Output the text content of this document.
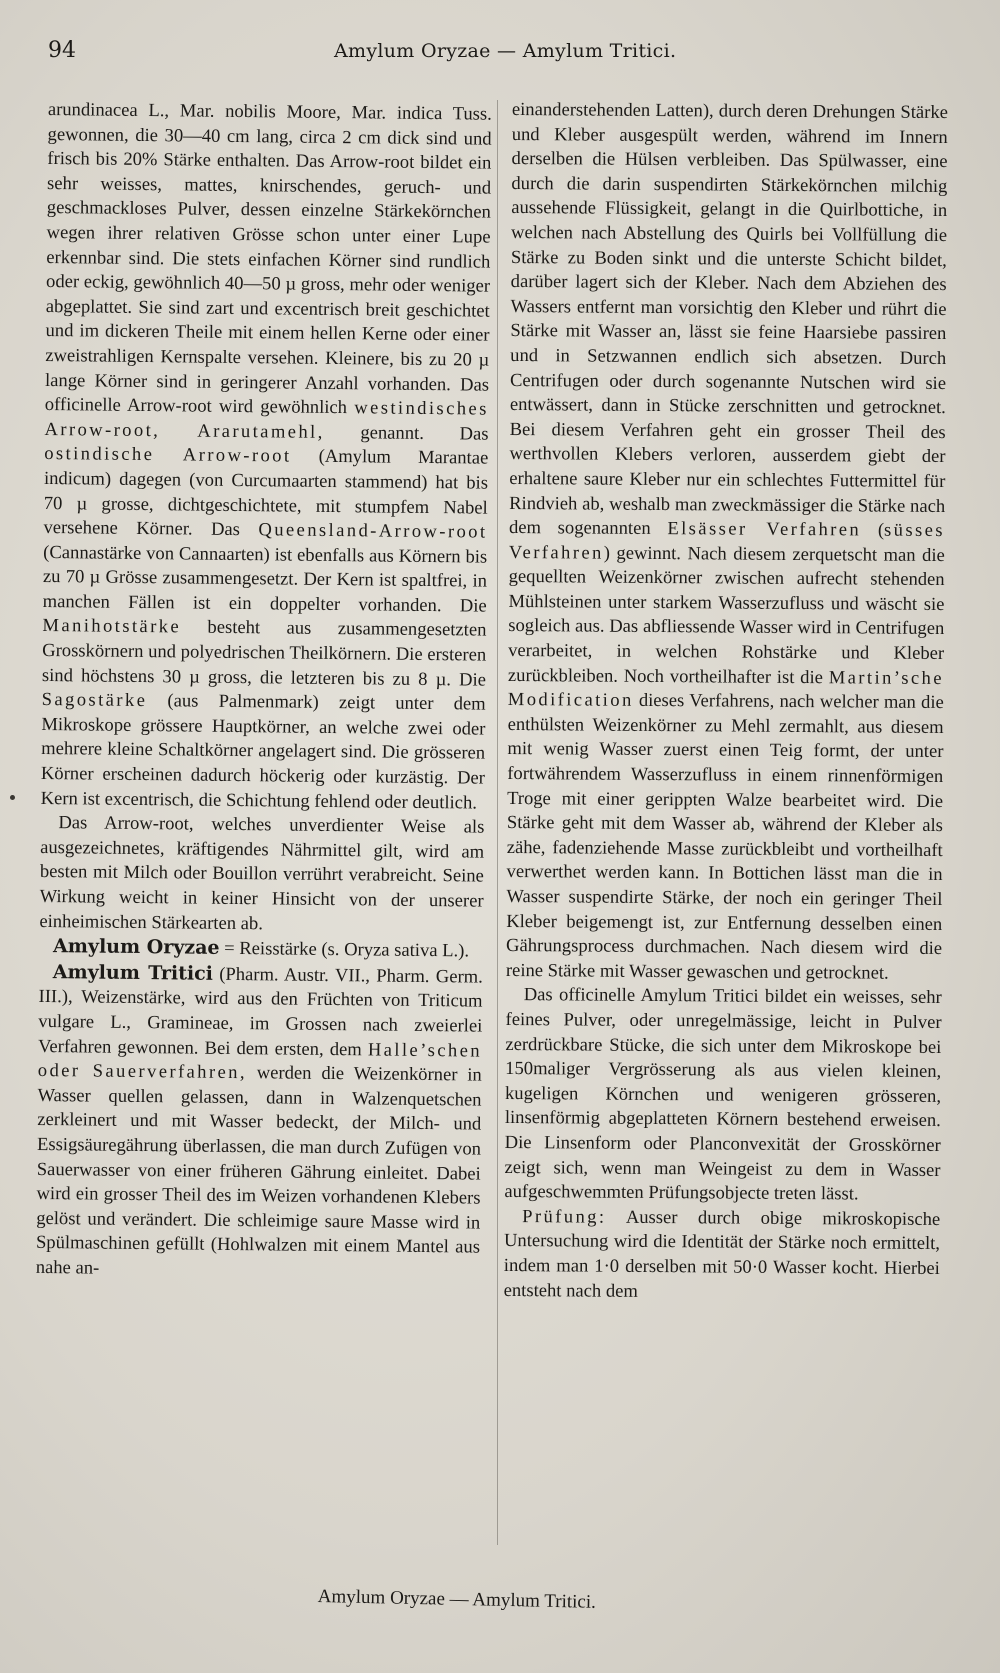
94	Amylum Oryzae — Amylum Tritici.

arundinacea L., Mar. nobilis Moore, Mar. indica Tuss. gewonnen, die 30—40 cm lang, circa 2 cm dick sind und frisch bis 20% Stärke enthalten. Das Arrow-root bildet ein sehr weisses, mattes, knirschendes, geruch- und geschmackloses Pulver, dessen einzelne Stärkekörnchen wegen ihrer relativen Grösse schon unter einer Lupe erkennbar sind. Die stets einfachen Körner sind rundlich oder eckig, gewöhnlich 40—50 µ gross, mehr oder weniger abgeplattet. Sie sind zart und excentrisch breit geschichtet und im dickeren Theile mit einem hellen Kerne oder einer zweistrahligen Kernspalte versehen. Kleinere, bis zu 20 µ lange Körner sind in geringerer Anzahl vorhanden. Das officinelle Arrow-root wird gewöhnlich westindisches Arrow-root, Ararutamehl, genannt. Das ostindische Arrow-root (Amylum Marantae indicum) dagegen (von Curcumaarten stammend) hat bis 70 µ grosse, dichtgeschichtete, mit stumpfem Nabel versehene Körner. Das Queensland-Arrow-root (Cannastärke von Cannaarten) ist ebenfalls aus Körnern bis zu 70 µ Grösse zusammengesetzt. Der Kern ist spaltfrei, in manchen Fällen ist ein doppelter vorhanden. Die Manihotstärke besteht aus zusammengesetzten Grosskörnern und polyedrischen Theilkörnern. Die ersteren sind höchstens 30 µ gross, die letzteren bis zu 8 µ. Die Sagostärke (aus Palmenmark) zeigt unter dem Mikroskope grössere Hauptkörner, an welche zwei oder mehrere kleine Schaltkörner angelagert sind. Die grösseren Körner erscheinen dadurch höckerig oder kurzästig. Der Kern ist excentrisch, die Schichtung fehlend oder deutlich.

Das Arrow-root, welches unverdienter Weise als ausgezeichnetes, kräftigendes Nährmittel gilt, wird am besten mit Milch oder Bouillon verrührt verabreicht. Seine Wirkung weicht in keiner Hinsicht von der unserer einheimischen Stärkearten ab.

Amylum Oryzae = Reisstärke (s. Oryza sativa L.).

Amylum Tritici (Pharm. Austr. VII., Pharm. Germ. III.), Weizenstärke, wird aus den Früchten von Triticum vulgare L., Gramineae, im Grossen nach zweierlei Verfahren gewonnen. Bei dem ersten, dem Halle’schen oder Sauerverfahren, werden die Weizenkörner in Wasser quellen gelassen, dann in Walzenquetschen zerkleinert und mit Wasser bedeckt, der Milch- und Essigsäuregährung überlassen, die man durch Zufügen von Sauerwasser von einer früheren Gährung einleitet. Dabei wird ein grosser Theil des im Weizen vorhandenen Klebers gelöst und verändert. Die schleimige saure Masse wird in Spülmaschinen gefüllt (Hohlwalzen mit einem Mantel aus nahe an-

einanderstehenden Latten), durch deren Drehungen Stärke und Kleber ausgespült werden, während im Innern derselben die Hülsen verbleiben. Das Spülwasser, eine durch die darin suspendirten Stärkekörnchen milchig aussehende Flüssigkeit, gelangt in die Quirlbottiche, in welchen nach Abstellung des Quirls bei Vollfüllung die Stärke zu Boden sinkt und die unterste Schicht bildet, darüber lagert sich der Kleber. Nach dem Abziehen des Wassers entfernt man vorsichtig den Kleber und rührt die Stärke mit Wasser an, lässt sie feine Haarsiebe passiren und in Setzwannen endlich sich absetzen. Durch Centrifugen oder durch sogenannte Nutschen wird sie entwässert, dann in Stücke zerschnitten und getrocknet. Bei diesem Verfahren geht ein grosser Theil des werthvollen Klebers verloren, ausserdem giebt der erhaltene saure Kleber nur ein schlechtes Futtermittel für Rindvieh ab, weshalb man zweckmässiger die Stärke nach dem sogenannten Elsässer Verfahren (süsses Verfahren) gewinnt. Nach diesem zerquetscht man die gequellten Weizenkörner zwischen aufrecht stehenden Mühlsteinen unter starkem Wasserzufluss und wäscht sie sogleich aus. Das abfliessende Wasser wird in Centrifugen verarbeitet, in welchen Rohstärke und Kleber zurückbleiben. Noch vortheilhafter ist die Martin’sche Modification dieses Verfahrens, nach welcher man die enthülsten Weizenkörner zu Mehl zermahlt, aus diesem mit wenig Wasser zuerst einen Teig formt, der unter fortwährendem Wasserzufluss in einem rinnenförmigen Troge mit einer gerippten Walze bearbeitet wird. Die Stärke geht mit dem Wasser ab, während der Kleber als zähe, fadenziehende Masse zurückbleibt und vortheilhaft verwerthet werden kann. In Bottichen lässt man die in Wasser suspendirte Stärke, der noch ein geringer Theil Kleber beigemengt ist, zur Entfernung desselben einen Gährungsprocess durchmachen. Nach diesem wird die reine Stärke mit Wasser gewaschen und getrocknet.

Das officinelle Amylum Tritici bildet ein weisses, sehr feines Pulver, oder unregelmässige, leicht in Pulver zerdrückbare Stücke, die sich unter dem Mikroskope bei 150maliger Vergrösserung als aus vielen kleinen, kugeligen Körnchen und wenigeren grösseren, linsenförmig abgeplatteten Körnern bestehend erweisen. Die Linsenform oder Planconvexität der Grosskörner zeigt sich, wenn man Weingeist zu dem in Wasser aufgeschwemmten Prüfungsobjecte treten lässt.

Prüfung: Ausser durch obige mikroskopische Untersuchung wird die Identität der Stärke noch ermittelt, indem man 1·0 derselben mit 50·0 Wasser kocht. Hierbei entsteht nach dem

Amylum Oryzae — Amylum Tritici.
